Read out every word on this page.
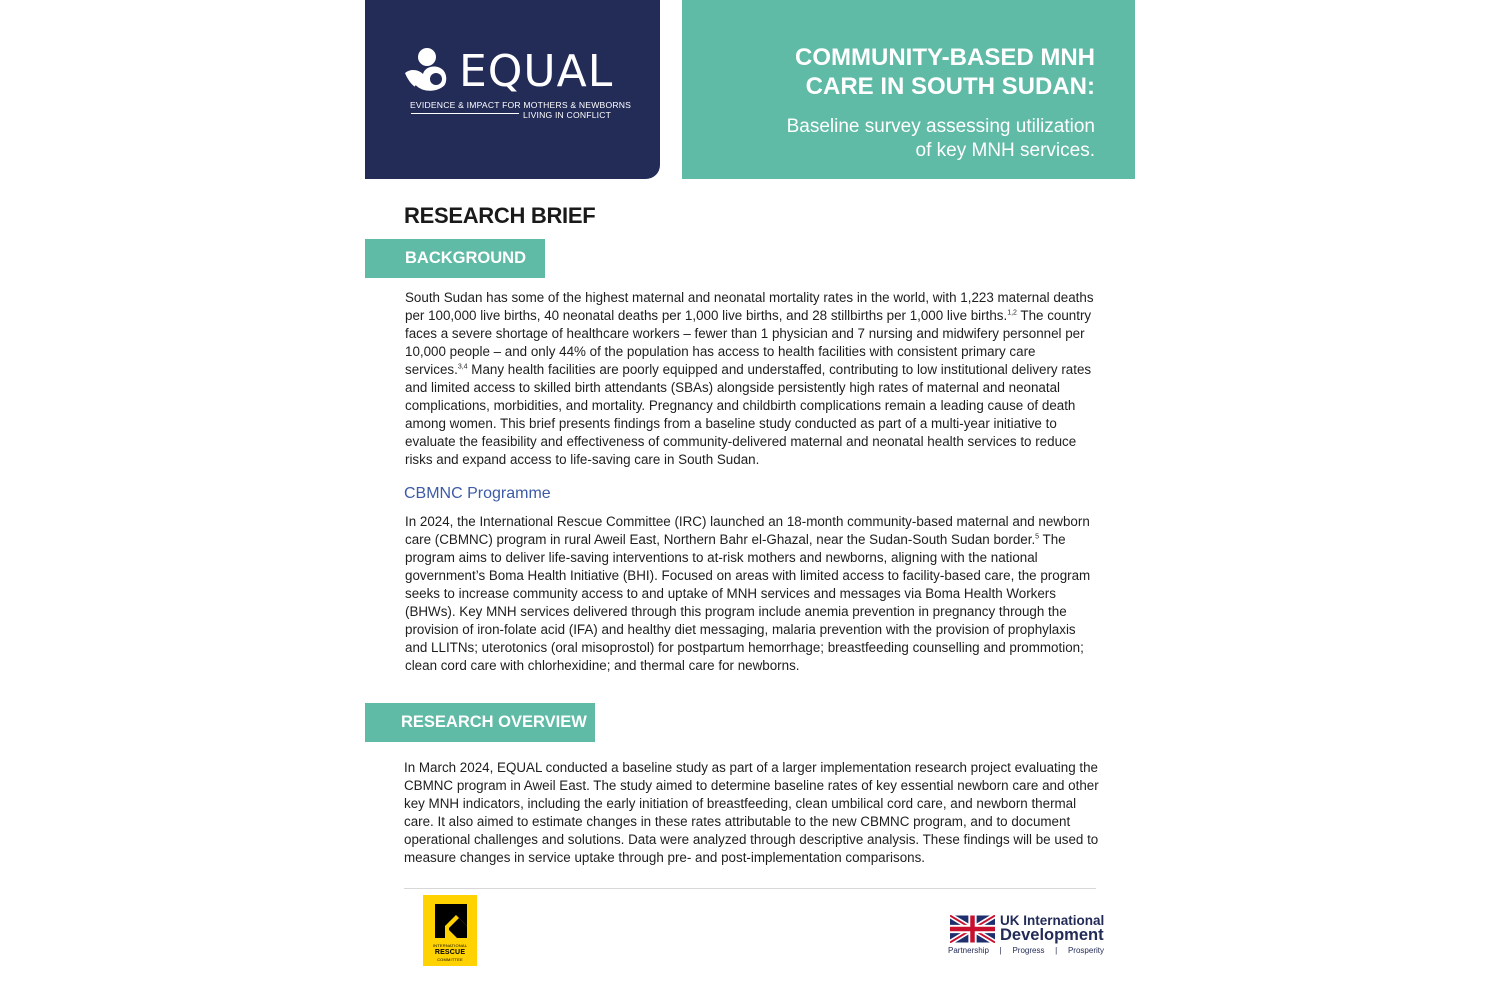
EQUAL
EVIDENCE & IMPACT FOR MOTHERS & NEWBORNS
LIVING IN CONFLICT
COMMUNITY-BASED MNH
CARE IN SOUTH SUDAN:
Baseline survey assessing utilization
of key MNH services.
RESEARCH BRIEF
BACKGROUND
South Sudan has some of the highest maternal and neonatal mortality rates in the world, with 1,223 maternal deaths per 100,000 live births, 40 neonatal deaths per 1,000 live births, and 28 stillbirths per 1,000 live births.$^{1,2}$ The country faces a severe shortage of healthcare workers – fewer than 1 physician and 7 nursing and midwifery personnel per 10,000 people – and only 44% of the population has access to health facilities with consistent primary care services.$^{3,4}$ Many health facilities are poorly equipped and understaffed, contributing to low institutional delivery rates and limited access to skilled birth attendants (SBAs) alongside persistently high rates of maternal and neonatal complications, morbidities, and mortality. Pregnancy and childbirth complications remain a leading cause of death among women. This brief presents findings from a baseline study conducted as part of a multi-year initiative to evaluate the feasibility and effectiveness of community-delivered maternal and neonatal health services to reduce risks and expand access to life-saving care in South Sudan.
CBMNC Programme
In 2024, the International Rescue Committee (IRC) launched an 18-month community-based maternal and newborn care (CBMNC) program in rural Aweil East, Northern Bahr el-Ghazal, near the Sudan-South Sudan border.$^5$ The program aims to deliver life-saving interventions to at-risk mothers and newborns, aligning with the national government’s Boma Health Initiative (BHI). Focused on areas with limited access to facility-based care, the program seeks to increase community access to and uptake of MNH services and messages via Boma Health Workers (BHWs). Key MNH services delivered through this program include anemia prevention in pregnancy through the provision of iron-folate acid (IFA) and healthy diet messaging, malaria prevention with the provision of prophylaxis and LLITNs; uterotonics (oral misoprostol) for postpartum hemorrhage; breastfeeding counselling and prommotion; clean cord care with chlorhexidine; and thermal care for newborns.
RESEARCH OVERVIEW
In March 2024, EQUAL conducted a baseline study as part of a larger implementation research project evaluating the CBMNC program in Aweil East. The study aimed to determine baseline rates of key essential newborn care and other key MNH indicators, including the early initiation of breastfeeding, clean umbilical cord care, and newborn thermal care. It also aimed to estimate changes in these rates attributable to the new CBMNC program, and to document operational challenges and solutions. Data were analyzed through descriptive analysis. These findings will be used to measure changes in service uptake through pre- and post-implementation comparisons.
INTERNATIONAL
RESCUE
COMMITTEE
UK International
Development
Partnership | Progress | Prosperity
